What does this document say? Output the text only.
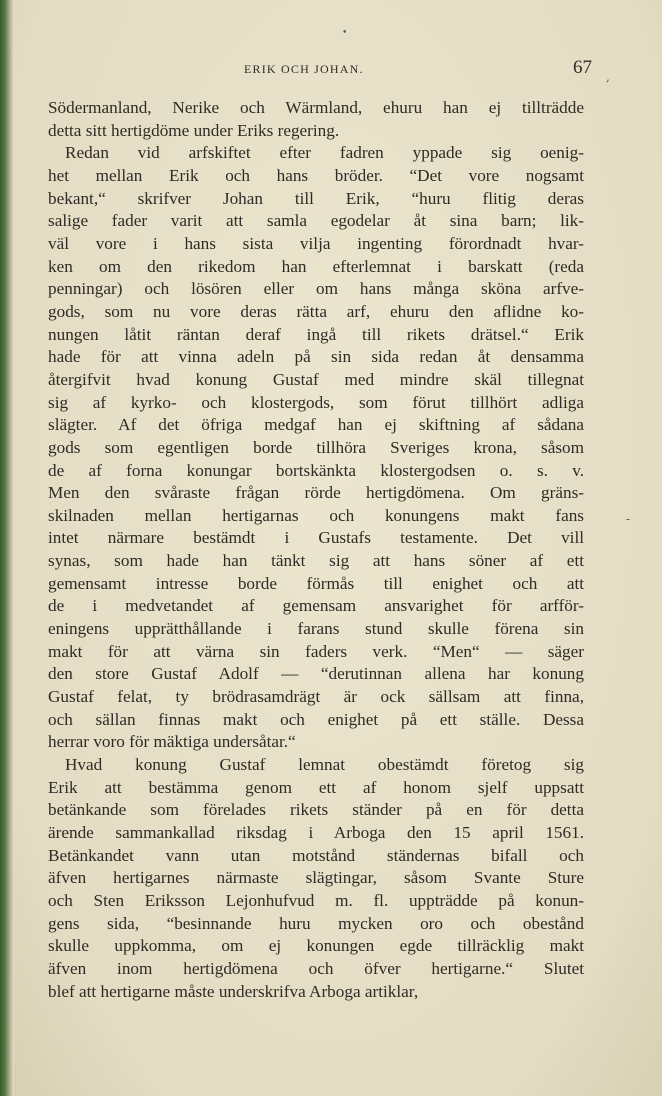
•
ERIK OCH JOHAN.	67 ,
-
Södermanland, Nerike och Wärmland, ehuru han ej tillträdde
detta sitt hertigdöme under Eriks regering.
Redan vid arfskiftet efter fadren yppade sig oenig-
het mellan Erik och hans bröder. “Det vore nogsamt
bekant,“ skrifver Johan till Erik, “huru flitig deras
salige fader varit att samla egodelar åt sina barn; lik-
väl vore i hans sista vilja ingenting förordnadt hvar-
ken om den rikedom han efterlemnat i barskatt (reda
penningar) och lösören eller om hans många sköna arfve-
gods, som nu vore deras rätta arf, ehuru den aflidne ko-
nungen låtit räntan deraf ingå till rikets drätsel.“ Erik
hade för att vinna adeln på sin sida redan åt densamma
återgifvit hvad konung Gustaf med mindre skäl tillegnat
sig af kyrko- och klostergods, som förut tillhört adliga
slägter. Af det öfriga medgaf han ej skiftning af sådana
gods som egentligen borde tillhöra Sveriges krona, såsom
de af forna konungar bortskänkta klostergodsen o. s. v.
Men den svåraste frågan rörde hertigdömena. Om gräns-
skilnaden mellan hertigarnas och konungens makt fans
intet närmare bestämdt i Gustafs testamente. Det vill
synas, som hade han tänkt sig att hans söner af ett
gemensamt intresse borde förmås till enighet och att
de i medvetandet af gemensam ansvarighet för arfför-
eningens upprätthållande i farans stund skulle förena sin
makt för att värna sin faders verk. “Men“ — säger
den store Gustaf Adolf — “derutinnan allena har konung
Gustaf felat, ty brödrasamdrägt är ock sällsam att finna,
och sällan finnas makt och enighet på ett ställe. Dessa
herrar voro för mäktiga undersåtar.“
Hvad konung Gustaf lemnat obestämdt företog sig
Erik att bestämma genom ett af honom sjelf uppsatt
betänkande som förelades rikets ständer på en för detta
ärende sammankallad riksdag i Arboga den 15 april 1561.
Betänkandet vann utan motstånd ständernas bifall och
äfven hertigarnes närmaste slägtingar, såsom Svante Sture
och Sten Eriksson Lejonhufvud m. fl. uppträdde på konun-
gens sida, “besinnande huru mycken oro och obestånd
skulle uppkomma, om ej konungen egde tillräcklig makt
äfven inom hertigdömena och öfver hertigarne.“ Slutet
blef att hertigarne måste underskrifva Arboga artiklar,
